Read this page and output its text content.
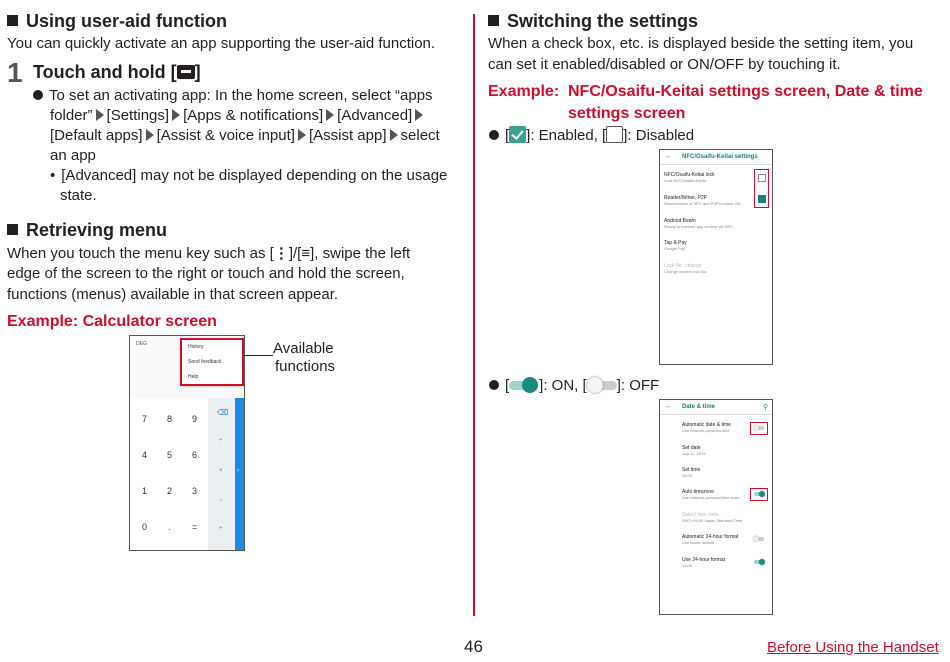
Using user-aid function
You can quickly activate an app supporting the user-aid function.
1 Touch and hold [ ]
To set an activating app: In the home screen, select “apps
folder” [Settings] [Apps & notifications] [Advanced]
[Default apps] [Assist & voice input] [Assist app] select
an app
• [Advanced] may not be displayed depending on the usage
state.
Retrieving menu
When you touch the menu key such as [⋮]/[≡], swipe the left
edge of the screen to the right or touch and hold the screen,
functions (menus) available in that screen appear.
Example: Calculator screen
DEG	History
Send feedback
Help
7 8 9
4 5 6
1 2 3
0 . =
⌫
÷
×
−
+
‹
Available
functions
Switching the settings
When a check box, etc. is displayed beside the setting item, you
can set it enabled/disabled or ON/OFF by touching it.
Example: NFC/Osaifu-Keitai settings screen, Date & time
settings screen
[ ]: Enabled, [ ]: Disabled
← NFC/Osaifu-Keitai settings
NFC/Osaifu-Keitai lock
Lock NFC/Osaifu-Keitai
Reader/Writer, P2P
Reader/writer of NFC and P2P function ON
Android Beam
Ready to transmit app content via NFC
Tap & Pay
Google Pay
Lock No. change
Change current lock No.
[ ]: ON, [ ]: OFF
← Date & time	⚲
Automatic date & time
Use network-provided time
Set date
July 11, 2019
Set time
10:05
Auto timezone
Use network-provided time zone
Select time zone
GMT+09:00 Japan Standard Time
Automatic 24-hour format
Use locale default
Use 24-hour format
13:00
46	Before Using the Handset
